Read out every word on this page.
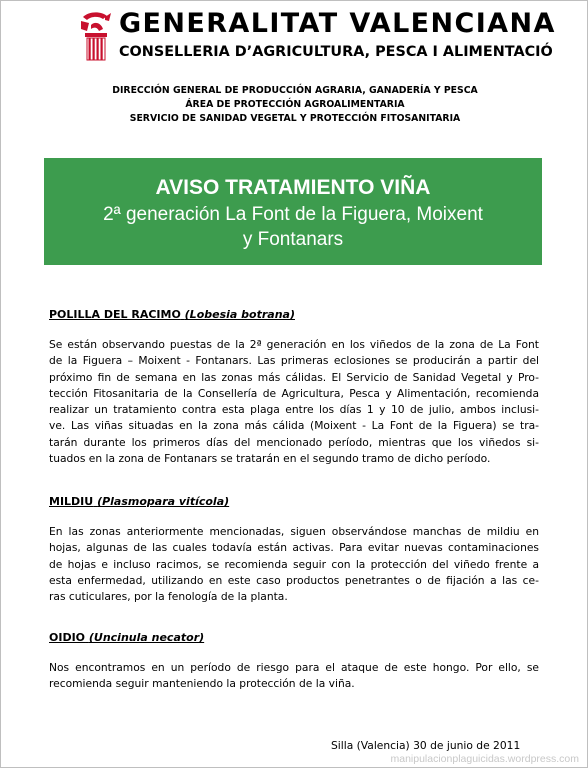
GENERALITAT VALENCIANA
CONSELLERIA D’AGRICULTURA, PESCA I ALIMENTACIÓ
DIRECCIÓN GENERAL DE PRODUCCIÓN AGRARIA, GANADERÍA Y PESCA
ÁREA DE PROTECCIÓN AGROALIMENTARIA
SERVICIO DE SANIDAD VEGETAL Y PROTECCIÓN FITOSANITARIA
AVISO TRATAMIENTO VIÑA
2ª generación La Font de la Figuera, Moixent
y Fontanars
POLILLA DEL RACIMO (Lobesia botrana)
Se están observando puestas de la 2ª generación en los viñedos de la zona de La Font
de la Figuera – Moixent - Fontanars. Las primeras eclosiones se producirán a partir del
próximo fin de semana en las zonas más cálidas. El Servicio de Sanidad Vegetal y Pro-
tección Fitosanitaria de la Consellería de Agricultura, Pesca y Alimentación, recomienda
realizar un tratamiento contra esta plaga entre los días 1 y 10 de julio, ambos inclusi-
ve. Las viñas situadas en la zona más cálida (Moixent - La Font de la Figuera) se tra-
tarán durante los primeros días del mencionado período, mientras que los viñedos si-
tuados en la zona de Fontanars se tratarán en el segundo tramo de dicho período.
MILDIU (Plasmopara vitícola)
En las zonas anteriormente mencionadas, siguen observándose manchas de mildiu en
hojas, algunas de las cuales todavía están activas. Para evitar nuevas contaminaciones
de hojas e incluso racimos, se recomienda seguir con la protección del viñedo frente a
esta enfermedad, utilizando en este caso productos penetrantes o de fijación a las ce-
ras cuticulares, por la fenología de la planta.
OIDIO (Uncinula necator)
Nos encontramos en un período de riesgo para el ataque de este hongo. Por ello, se
recomienda seguir manteniendo la protección de la viña.
Silla (Valencia) 30 de junio de 2011
manipulacionplaguicidas.wordpress.com
